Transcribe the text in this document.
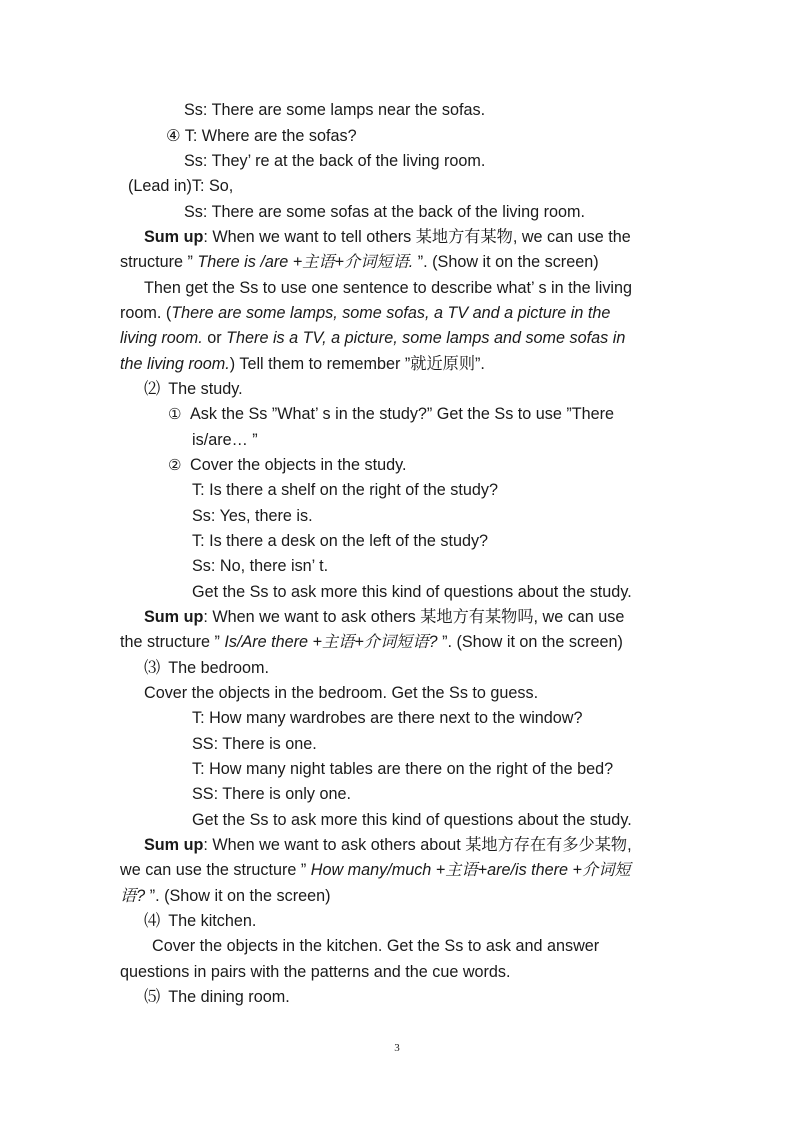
Ss: There are some lamps near the sofas.
④ T: Where are the sofas?
Ss: They’ re at the back of the living room.
(Lead in)T: So,
Ss: There are some sofas at the back of the living room.
Sum up: When we want to tell others 某地方有某物, we can use the
structure ” There is /are +主语+介词短语. ”. (Show it on the screen)
Then get the Ss to use one sentence to describe what’ s in the living
room. (There are some lamps, some sofas, a TV and a picture in the
living room. or There is a TV, a picture, some lamps and some sofas in
the living room.) Tell them to remember ”就近原则”.
⑵ The study.
① Ask the Ss ”What’ s in the study?” Get the Ss to use ”There
is/are… ”
② Cover the objects in the study.
T: Is there a shelf on the right of the study?
Ss: Yes, there is.
T: Is there a desk on the left of the study?
Ss: No, there isn’ t.
Get the Ss to ask more this kind of questions about the study.
Sum up: When we want to ask others 某地方有某物吗, we can use
the structure ” Is/Are there +主语+介词短语? ”. (Show it on the screen)
⑶ The bedroom.
Cover the objects in the bedroom. Get the Ss to guess.
T: How many wardrobes are there next to the window?
SS: There is one.
T: How many night tables are there on the right of the bed?
SS: There is only one.
Get the Ss to ask more this kind of questions about the study.
Sum up: When we want to ask others about 某地方存在有多少某物,
we can use the structure ” How many/much +主语+are/is there +介词短
语? ”. (Show it on the screen)
⑷ The kitchen.
Cover the objects in the kitchen. Get the Ss to ask and answer
questions in pairs with the patterns and the cue words.
⑸ The dining room.
3
